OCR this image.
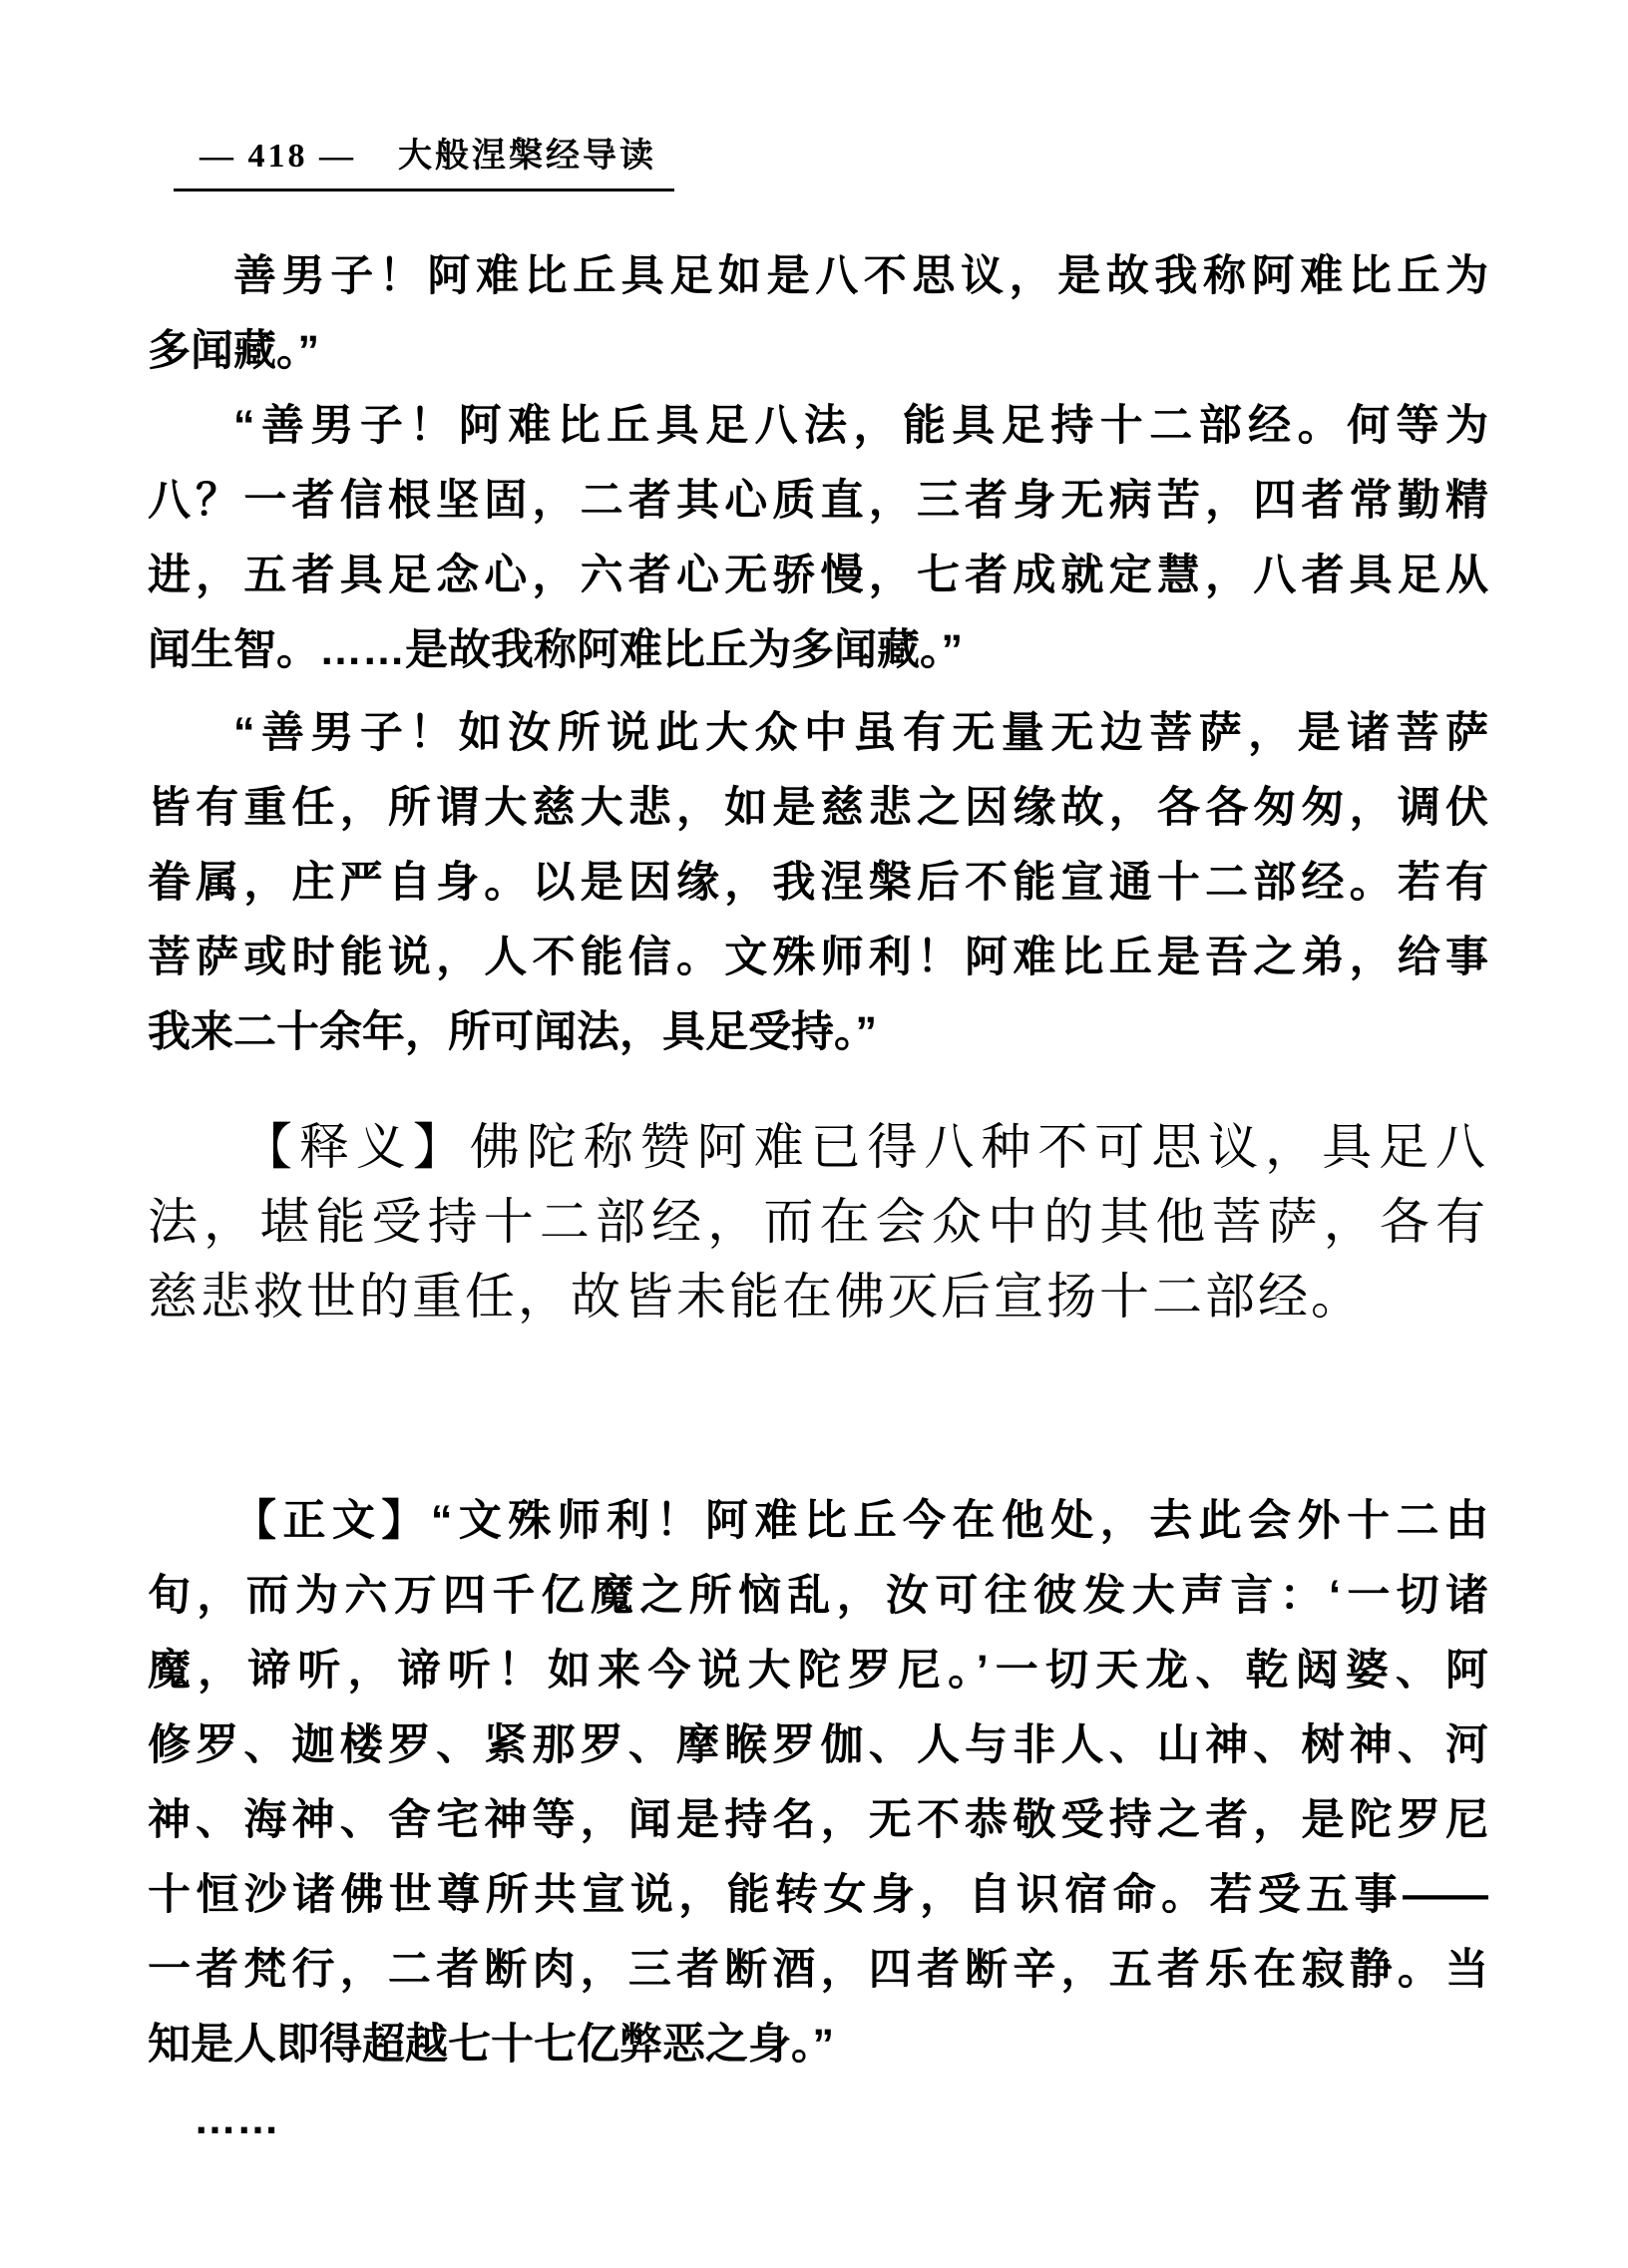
— 418 — 大般涅槃经导读
善男子！阿难比丘具足如是八不思议，是故我称阿难比丘为
多闻藏。”
“善男子！阿难比丘具足八法，能具足持十二部经。何等为
八？一者信根坚固，二者其心质直，三者身无病苦，四者常勤精
进，五者具足念心，六者心无骄慢，七者成就定慧，八者具足从
闻生智。……是故我称阿难比丘为多闻藏。”
“善男子！如汝所说此大众中虽有无量无边菩萨，是诸菩萨
皆有重任，所谓大慈大悲，如是慈悲之因缘故，各各匆匆，调伏
眷属，庄严自身。以是因缘，我涅槃后不能宣通十二部经。若有
菩萨或时能说，人不能信。文殊师利！阿难比丘是吾之弟，给事
我来二十余年，所可闻法，具足受持。”
【释义】佛陀称赞阿难已得八种不可思议，具足八
法，堪能受持十二部经，而在会众中的其他菩萨，各有
慈悲救世的重任，故皆未能在佛灭后宣扬十二部经。
【正文】“文殊师利！阿难比丘今在他处，去此会外十二由
旬，而为六万四千亿魔之所恼乱，汝可往彼发大声言：‘一切诸
魔，谛听，谛听！如来今说大陀罗尼。’一切天龙、乾闼婆、阿
修罗、迦楼罗、紧那罗、摩睺罗伽、人与非人、山神、树神、河
神、海神、舍宅神等，闻是持名，无不恭敬受持之者，是陀罗尼
十恒沙诸佛世尊所共宣说，能转女身，自识宿命。若受五事——
一者梵行，二者断肉，三者断酒，四者断辛，五者乐在寂静。当
知是人即得超越七十七亿弊恶之身。”
……
